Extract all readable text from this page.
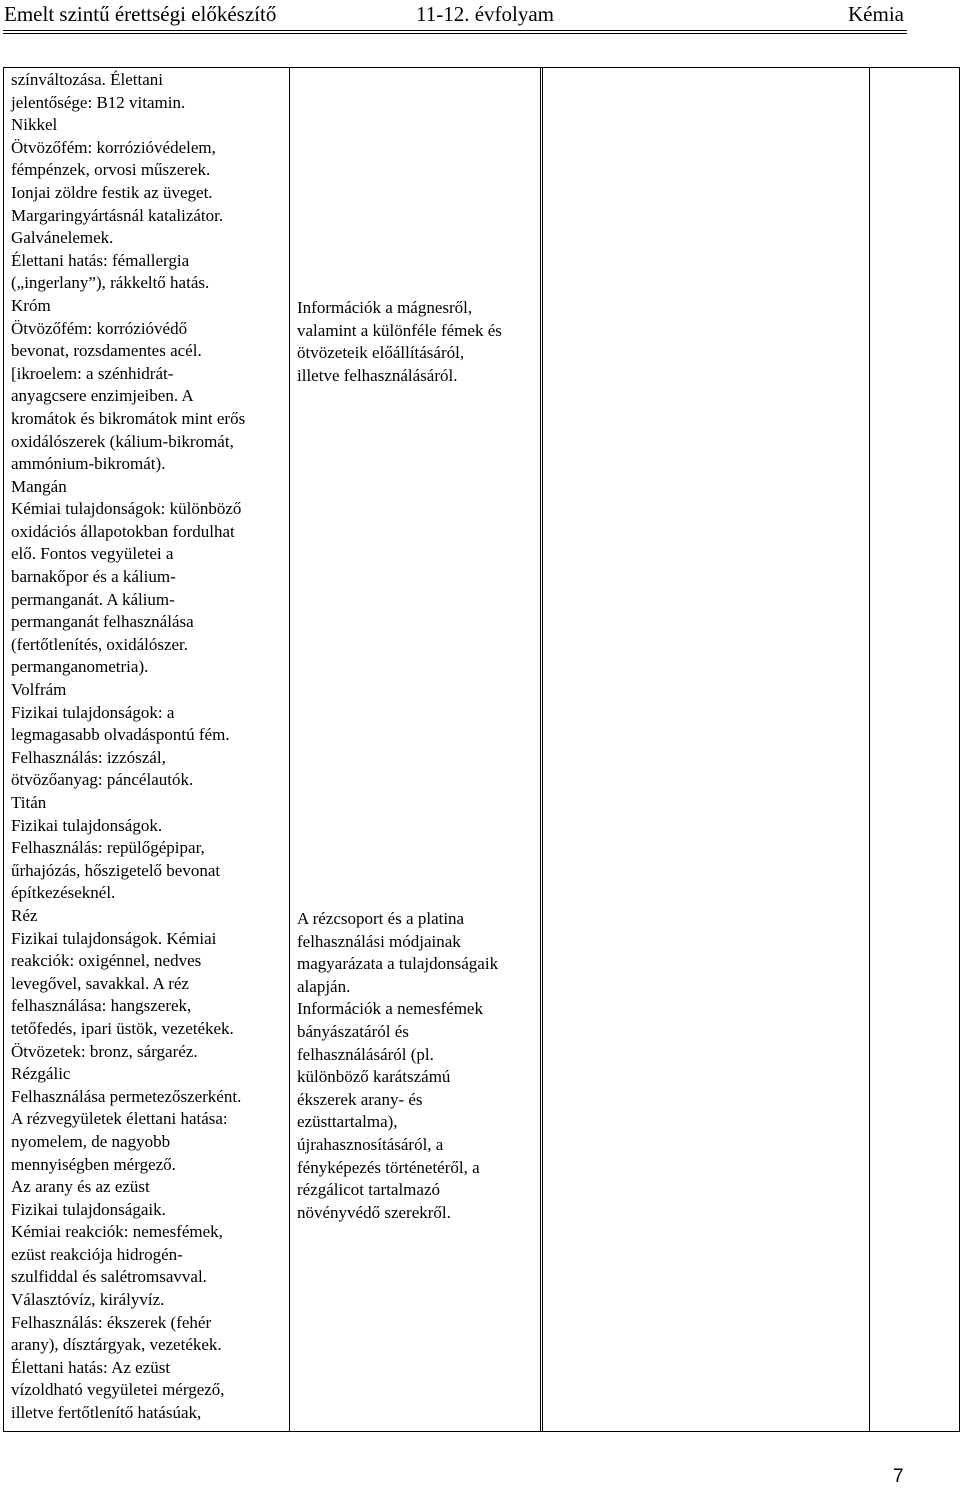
Emelt szintű érettségi előkészítő	11-12. évfolyam	Kémia
színváltozása. Élettani
jelentősége: B12 vitamin.
Nikkel
Ötvözőfém: korrózióvédelem,
fémpénzek, orvosi műszerek.
Ionjai zöldre festik az üveget.
Margaringyártásnál katalizátor.
Galvánelemek.
Élettani hatás: fémallergia
(„ingerlany”), rákkeltő hatás.
Króm
Ötvözőfém: korrózióvédő
bevonat, rozsdamentes acél.
[ikroelem: a szénhidrát-
anyagcsere enzimjeiben. A
kromátok és bikromátok mint erős
oxidálószerek (kálium-bikromát,
ammónium-bikromát).
Mangán
Kémiai tulajdonságok: különböző
oxidációs állapotokban fordulhat
elő. Fontos vegyületei a
barnakőpor és a kálium-
permanganát. A kálium-
permanganát felhasználása
(fertőtlenítés, oxidálószer.
permanganometria).
Volfrám
Fizikai tulajdonságok: a
legmagasabb olvadáspontú fém.
Felhasználás: izzószál,
ötvözőanyag: páncélautók.
Titán
Fizikai tulajdonságok.
Felhasználás: repülőgépipar,
űrhajózás, hőszigetelő bevonat
építkezéseknél.
Réz
Fizikai tulajdonságok. Kémiai
reakciók: oxigénnel, nedves
levegővel, savakkal. A réz
felhasználása: hangszerek,
tetőfedés, ipari üstök, vezetékek.
Ötvözetek: bronz, sárgaréz.
Rézgálic
Felhasználása permetezőszerként.
A rézvegyületek élettani hatása:
nyomelem, de nagyobb
mennyiségben mérgező.
Az arany és az ezüst
Fizikai tulajdonságaik.
Kémiai reakciók: nemesfémek,
ezüst reakciója hidrogén-
szulfiddal és salétromsavval.
Választóvíz, királyvíz.
Felhasználás: ékszerek (fehér
arany), dísztárgyak, vezetékek.
Élettani hatás: Az ezüst
vízoldható vegyületei mérgező,
illetve fertőtlenítő hatásúak,
Információk a mágnesről,
valamint a különféle fémek és
ötvözeteik előállításáról,
illetve felhasználásáról.
A rézcsoport és a platina
felhasználási módjainak
magyarázata a tulajdonságaik
alapján.
Információk a nemesfémek
bányászatáról és
felhasználásáról (pl.
különböző karátszámú
ékszerek arany- és
ezüsttartalma),
újrahasznosításáról, a
fényképezés történetéről, a
rézgálicot tartalmazó
növényvédő szerekről.
7
